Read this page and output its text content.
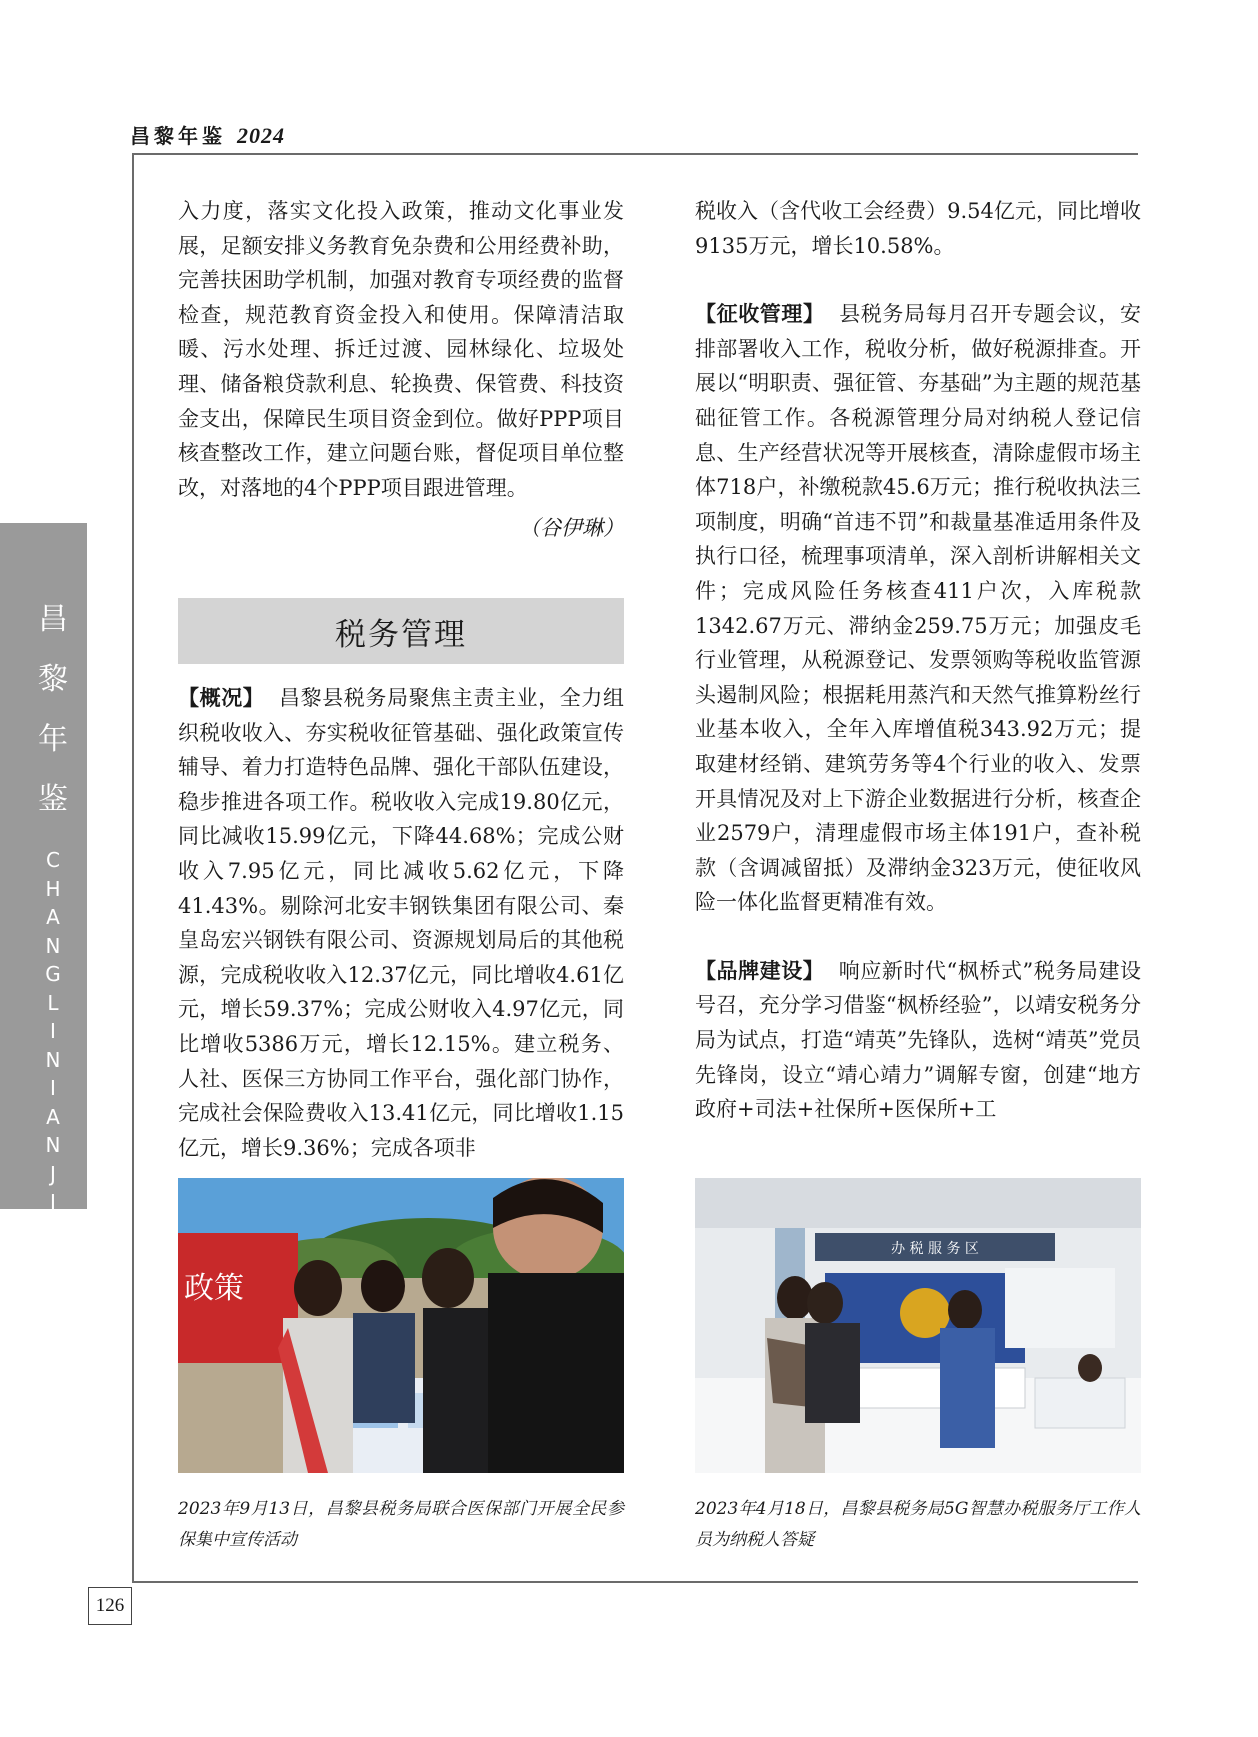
昌黎年鉴 2024
昌
黎
年
鉴
C
H
A
N
G
L
I
N
I
A
N
J
I
A
N

入力度，落实文化投入政策，推动文化事业发展，足额安排义务教育免杂费和公用经费补助，完善扶困助学机制，加强对教育专项经费的监督检查，规范教育资金投入和使用。保障清洁取暖、污水处理、拆迁过渡、园林绿化、垃圾处理、储备粮贷款利息、轮换费、保管费、科技资金支出，保障民生项目资金到位。做好PPP项目核查整改工作，建立问题台账，督促项目单位整改，对落地的4个PPP项目跟进管理。

（谷伊琳）

税务管理

【概况】 昌黎县税务局聚焦主责主业，全力组织税收收入、夯实税收征管基础、强化政策宣传辅导、着力打造特色品牌、强化干部队伍建设，稳步推进各项工作。税收收入完成19.80亿元，同比减收15.99亿元，下降44.68%；完成公财收入7.95亿元，同比减收5.62亿元，下降41.43%。剔除河北安丰钢铁集团有限公司、秦皇岛宏兴钢铁有限公司、资源规划局后的其他税源，完成税收收入12.37亿元，同比增收4.61亿元，增长59.37%；完成公财收入4.97亿元，同比增收5386万元，增长12.15%。建立税务、人社、医保三方协同工作平台，强化部门协作，完成社会保险费收入13.41亿元，同比增收1.15亿元，增长9.36%；完成各项非

税收入（含代收工会经费）9.54亿元，同比增收9135万元，增长10.58%。

【征收管理】 县税务局每月召开专题会议，安排部署收入工作，税收分析，做好税源排查。开展以“明职责、强征管、夯基础”为主题的规范基础征管工作。各税源管理分局对纳税人登记信息、生产经营状况等开展核查，清除虚假市场主体718户，补缴税款45.6万元；推行税收执法三项制度，明确“首违不罚”和裁量基准适用条件及执行口径，梳理事项清单，深入剖析讲解相关文件；完成风险任务核查411户次，入库税款1342.67万元、滞纳金259.75万元；加强皮毛行业管理，从税源登记、发票领购等税收监管源头遏制风险；根据耗用蒸汽和天然气推算粉丝行业基本收入，全年入库增值税343.92万元；提取建材经销、建筑劳务等4个行业的收入、发票开具情况及对上下游企业数据进行分析，核查企业2579户，清理虚假市场主体191户，查补税款（含调减留抵）及滞纳金323万元，使征收风险一体化监督更精准有效。

【品牌建设】 响应新时代“枫桥式”税务局建设号召，充分学习借鉴“枫桥经验”，以靖安税务分局为试点，打造“靖英”先锋队，选树“靖英”党员先锋岗，设立“靖心靖力”调解专窗，创建“地方政府+司法+社保所+医保所+工

政策
办 税 服 务 区
2023年9月13日，昌黎县税务局联合医保部门开展全民参保集中宣传活动
2023年4月18日，昌黎县税务局5G智慧办税服务厅工作人员为纳税人答疑
126
